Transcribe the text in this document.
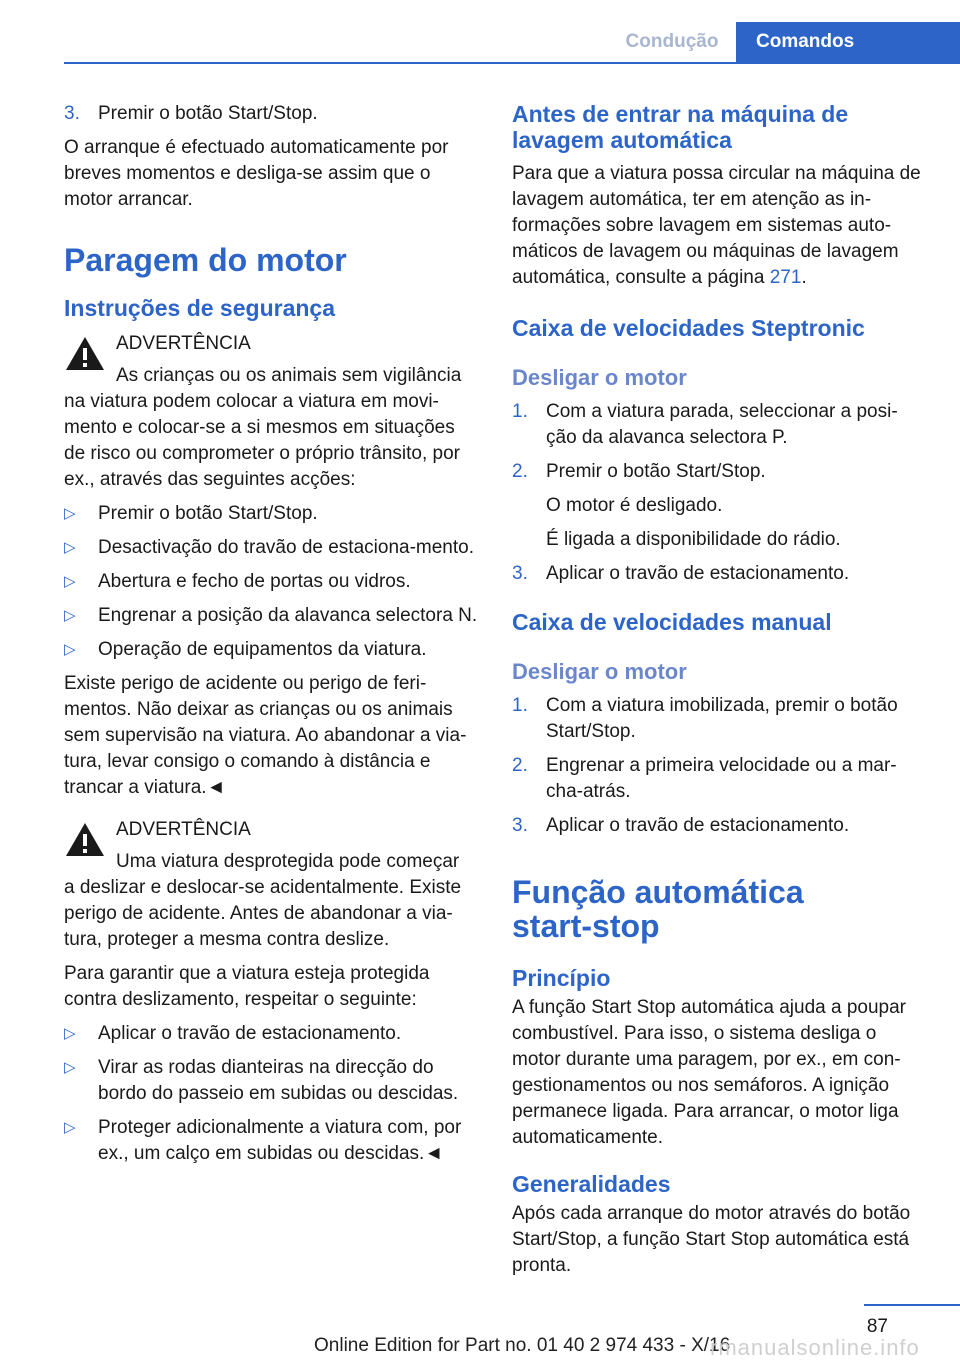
Condução	Comandos
3. Premir o botão Start/Stop.

O arranque é efectuado automaticamente por breves momentos e desliga-se assim que o motor arrancar.

Paragem do motor
Instruções de segurança

ADVERTÊNCIA

As crianças ou os animais sem vigilância

na viatura podem colocar a viatura em movi-mento e colocar-se a si mesmos em situações de risco ou comprometer o próprio trânsito, por ex., através das seguintes acções:

▷ Premir o botão Start/Stop.
▷ Desactivação do travão de estaciona-mento.
▷ Abertura e fecho de portas ou vidros.
▷ Engrenar a posição da alavanca selectora N.
▷ Operação de equipamentos da viatura.

Existe perigo de acidente ou perigo de feri-mentos. Não deixar as crianças ou os animais sem supervisão na viatura. Ao abandonar a via-tura, levar consigo o comando à distância e trancar a viatura.◄

ADVERTÊNCIA

Uma viatura desprotegida pode começar

a deslizar e deslocar-se acidentalmente. Existe perigo de acidente. Antes de abandonar a via-tura, proteger a mesma contra deslize.

Para garantir que a viatura esteja protegida contra deslizamento, respeitar o seguinte:

▷ Aplicar o travão de estacionamento.
▷ Virar as rodas dianteiras na direcção do bordo do passeio em subidas ou descidas.
▷ Proteger adicionalmente a viatura com, por ex., um calço em subidas ou descidas.◄
Antes de entrar na máquina de lavagem automática

Para que a viatura possa circular na máquina de lavagem automática, ter em atenção as in-formações sobre lavagem em sistemas auto-máticos de lavagem ou máquinas de lavagem automática, consulte a página 271.

Caixa de velocidades Steptronic
Desligar o motor
1. Com a viatura parada, seleccionar a posi-ção da alavanca selectora P.
2. Premir o botão Start/Stop.
O motor é desligado.
É ligada a disponibilidade do rádio.
3. Aplicar o travão de estacionamento.
Caixa de velocidades manual
Desligar o motor
1. Com a viatura imobilizada, premir o botão Start/Stop.
2. Engrenar a primeira velocidade ou a mar-cha-atrás.
3. Aplicar o travão de estacionamento.
Função automática start-stop
Princípio

A função Start Stop automática ajuda a poupar combustível. Para isso, o sistema desliga o motor durante uma paragem, por ex., em con-gestionamentos ou nos semáforos. A ignição permanece ligada. Para arrancar, o motor liga automaticamente.

Generalidades

Após cada arranque do motor através do botão Start/Stop, a função Start Stop automática está pronta.

87
Online Edition for Part no. 01 40 2 974 433 - X/16
rmanualsonline.info
